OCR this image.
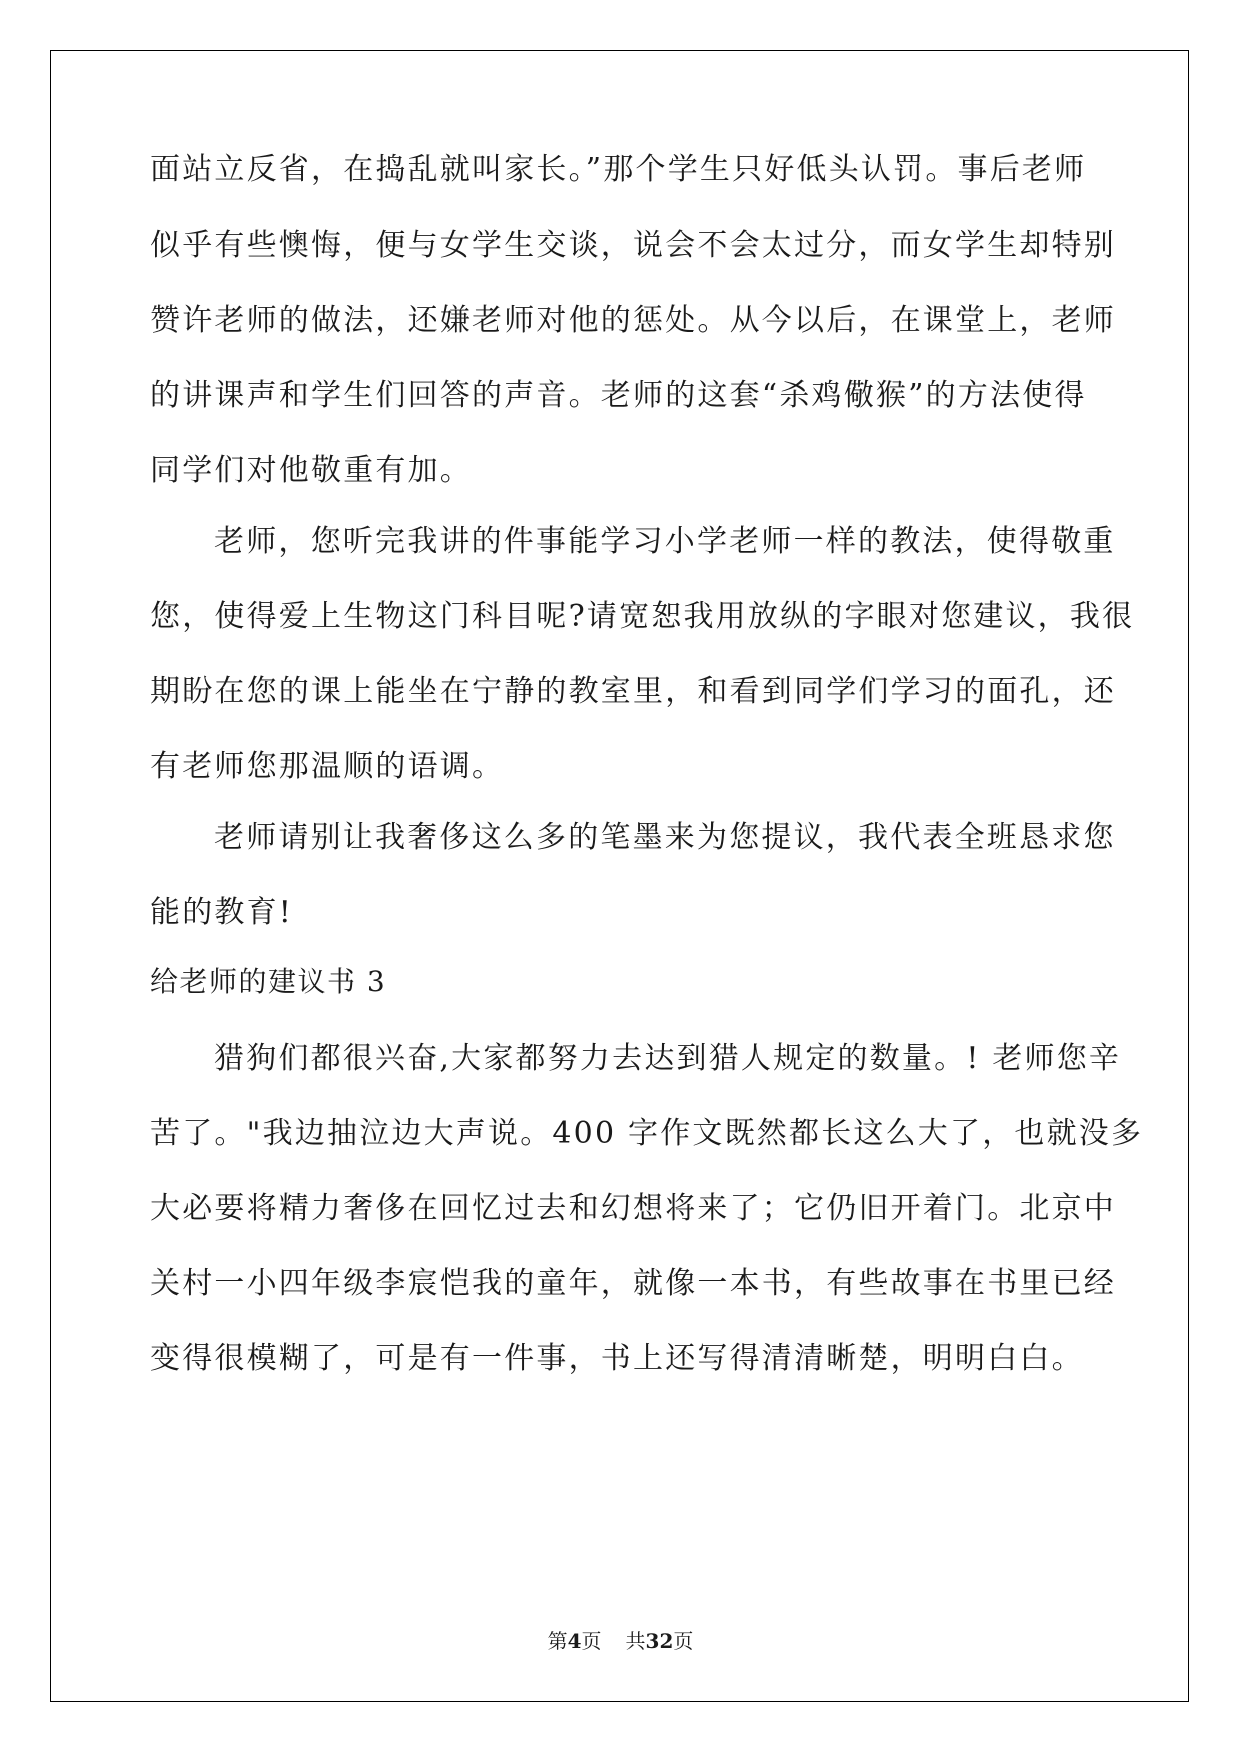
面站立反省，在捣乱就叫家长。”那个学生只好低头认罚。事后老师
似乎有些懊悔，便与女学生交谈，说会不会太过分，而女学生却特别
赞许老师的做法，还嫌老师对他的惩处。从今以后，在课堂上，老师
的讲课声和学生们回答的声音。老师的这套“杀鸡儆猴”的方法使得
同学们对他敬重有加。
老师，您听完我讲的件事能学习小学老师一样的教法，使得敬重
您，使得爱上生物这门科目呢?请宽恕我用放纵的字眼对您建议，我很
期盼在您的课上能坐在宁静的教室里，和看到同学们学习的面孔，还
有老师您那温顺的语调。
老师请别让我奢侈这么多的笔墨来为您提议，我代表全班恳求您
能的教育!
给老师的建议书 3
猎狗们都很兴奋,大家都努力去达到猎人规定的数量。! 老师您辛
苦了。"我边抽泣边大声说。400 字作文既然都长这么大了，也就没多
大必要将精力奢侈在回忆过去和幻想将来了；它仍旧开着门。北京中
关村一小四年级李宸恺我的童年，就像一本书，有些故事在书里已经
变得很模糊了，可是有一件事，书上还写得清清晰楚，明明白白。
第4页 共32页
